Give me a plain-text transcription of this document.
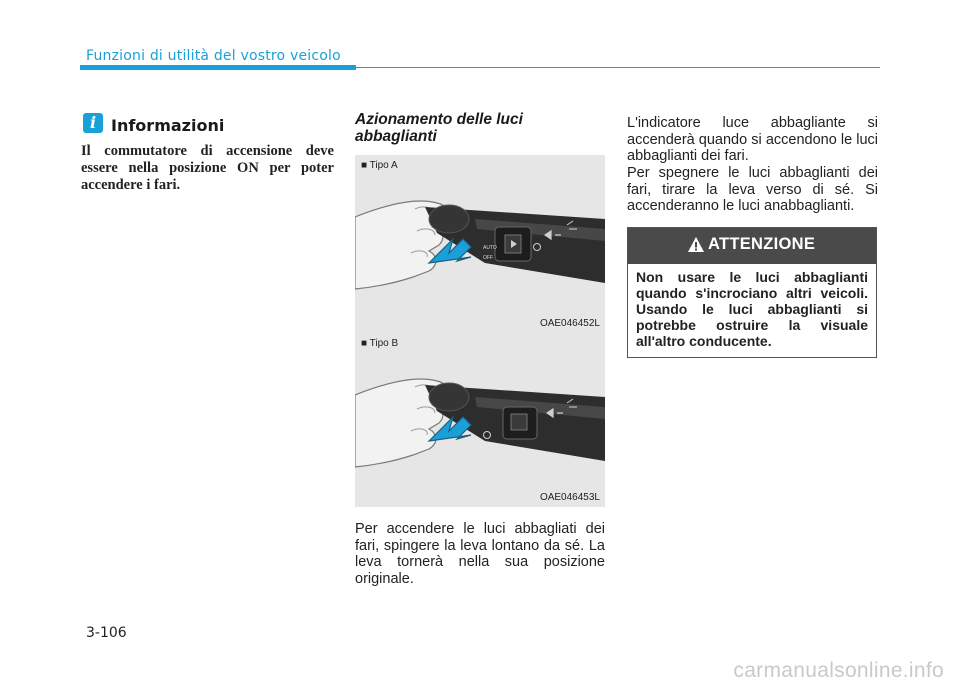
Funzioni di utilità del vostro veicolo
i Informazioni
Il commutatore di accensione deve essere nella posizione ON per poter accendere i fari.
Azionamento delle luci abbaglianti
AUTO
OFF
■ Tipo A
OAE046452L
■ Tipo B
OAE046453L
Per accendere le luci abbagliati dei fari, spingere la leva lontano da sé. La leva tornerà nella sua posizione originale.
L'indicatore luce abbagliante si accenderà quando si accendono le luci abbaglianti dei fari.
Per spegnere le luci abbaglianti dei fari, tirare la leva verso di sé. Si accenderanno le luci anabbaglianti.
ATTENZIONE
Non usare le luci abbaglianti quando s'incrociano altri veicoli. Usando le luci abbaglianti si potrebbe ostruire la visuale all'altro conducente.
3-106
carmanualsonline.info
